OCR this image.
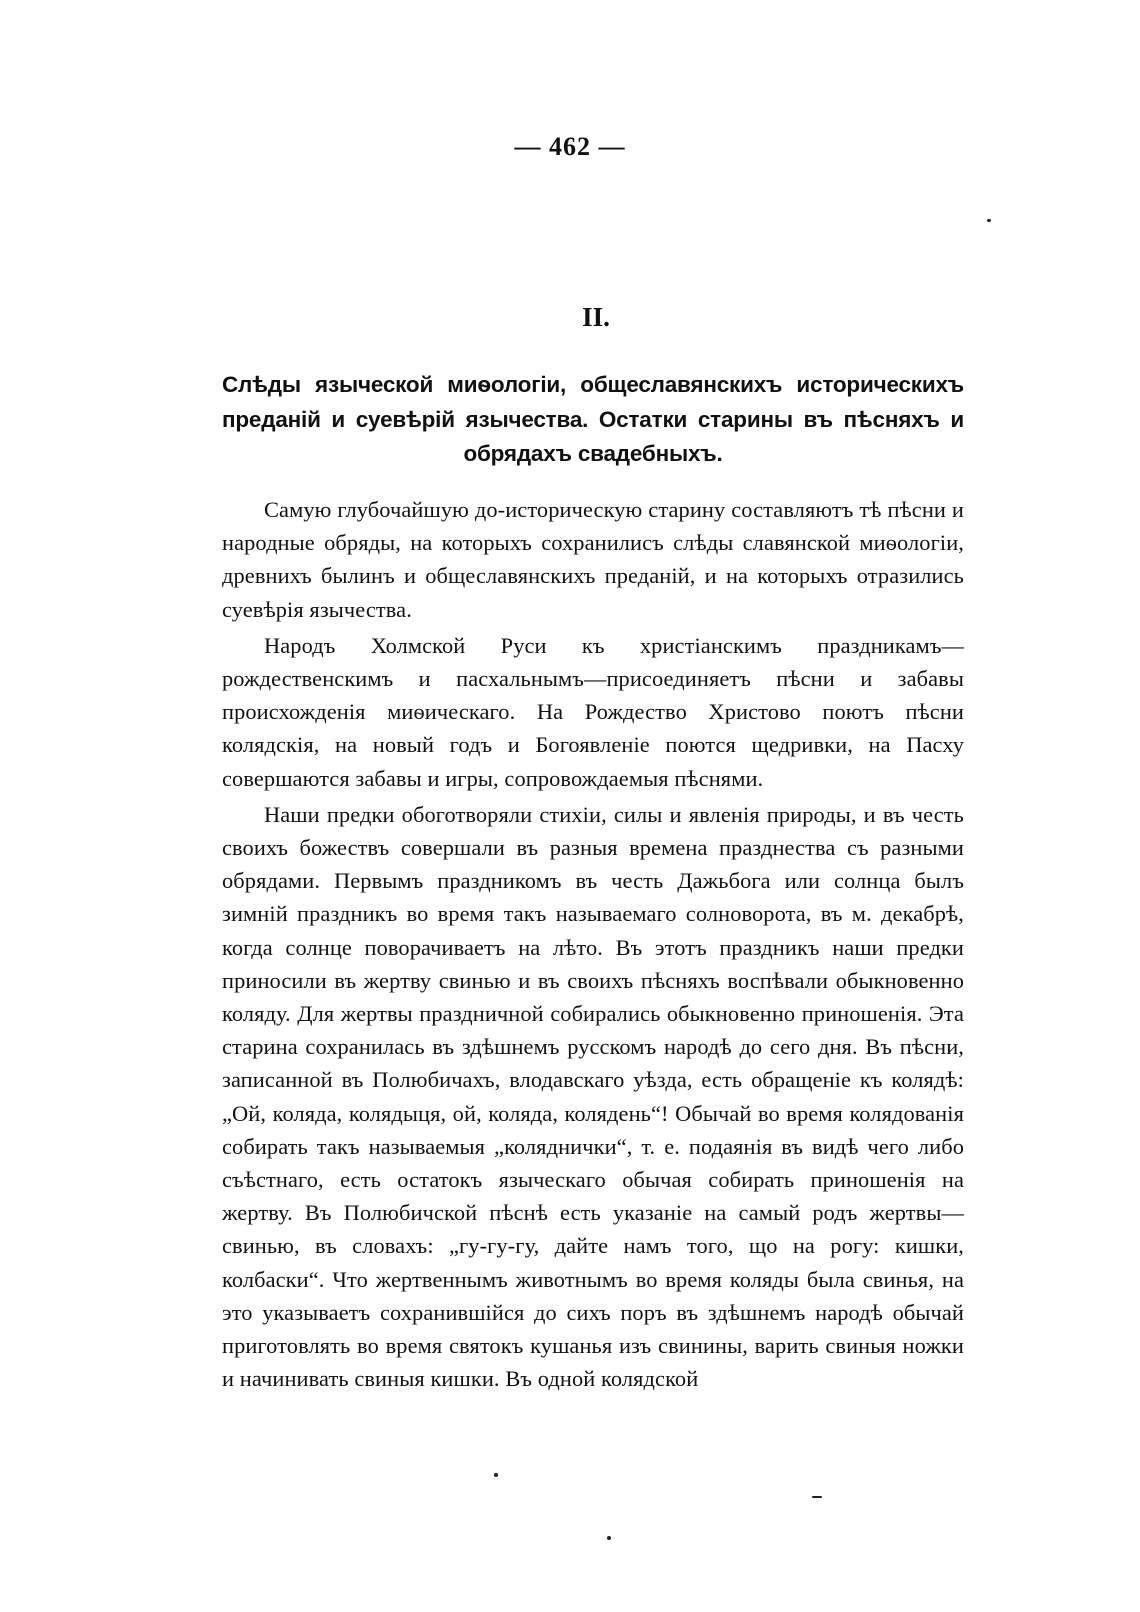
— 462 —
II.
Слѣды языческой миѳологіи, общеславянскихъ историческихъ преданій и суевѣрій язычества. Остатки старины въ пѣсняхъ и обрядахъ свадебныхъ.

Самую глубочайшую до-историческую старину составляютъ тѣ пѣсни и народные обряды, на которыхъ сохранилисъ слѣды славянской миѳологіи, древнихъ былинъ и общеславянскихъ преданій, и на которыхъ отразились суевѣрія язычества.

Народъ Холмской Руси къ христіанскимъ праздникамъ—рождественскимъ и пасхальнымъ—присоединяетъ пѣсни и забавы происхожденія миѳическаго. На Рождество Христово поютъ пѣсни колядскія, на новый годъ и Богоявленіе поются щедривки, на Пасху совершаются забавы и игры, сопровождаемыя пѣснями.

Наши предки обоготворяли стихіи, силы и явленія природы, и въ честь своихъ божествъ совершали въ разныя времена празднества съ разными обрядами. Первымъ праздникомъ въ честь Дажьбога или солнца былъ зимній праздникъ во время такъ называемаго солноворота, въ м. декабрѣ, когда солнце поворачиваетъ на лѣто. Въ этотъ праздникъ наши предки приносили въ жертву свинью и въ своихъ пѣсняхъ воспѣвали обыкновенно коляду. Для жертвы праздничной собирались обыкновенно приношенія. Эта старина сохранилась въ здѣшнемъ русскомъ народѣ до сего дня. Въ пѣсни, записанной въ Полюбичахъ, влодавскаго уѣзда, есть обращеніе къ колядѣ: „Ой, коляда, колядыця, ой, коляда, колядень“! Обычай во время колядованія собирать такъ называемыя „коляднички“, т. е. подаянія въ видѣ чего либо съѣстнаго, есть остатокъ языческаго обычая собирать приношенія на жертву. Въ Полюбичской пѣснѣ есть указаніе на самый родъ жертвы—свинью, въ словахъ: „гу-гу-гу, дайте намъ того, що на рогу: кишки, колбаски“. Что жертвеннымъ животнымъ во время коляды была свинья, на это указываетъ сохранившійся до сихъ поръ въ здѣшнемъ народѣ обычай приготовлять во время святокъ кушанья изъ свинины, варить свиныя ножки и начинивать свиныя кишки. Въ одной колядской
